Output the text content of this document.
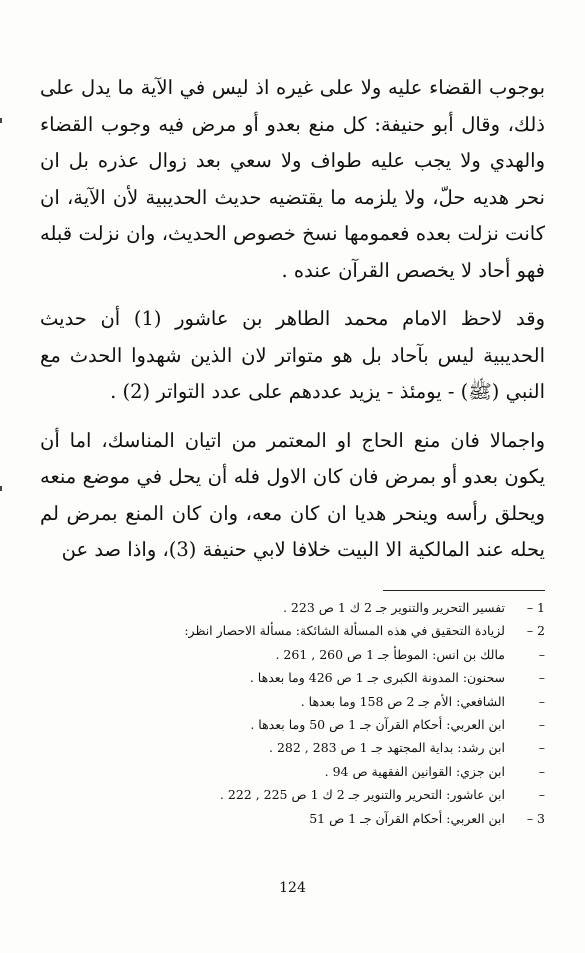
بوجوب القضاء عليه ولا على غيره اذ ليس في الآية ما يدل على ذلك، وقال أبو حنيفة: كل منع بعدو أو مرض فيه وجوب القضاء والهدي ولا يجب عليه طواف ولا سعي بعد زوال عذره بل ان نحر هديه حلّ، ولا يلزمه ما يقتضيه حديث الحديبية لأن الآية، ان كانت نزلت بعده فعمومها نسخ خصوص الحديث، وان نزلت قبله فهو أحاد لا يخصص القرآن عنده .

وقد لاحظ الامام محمد الطاهر بن عاشور (1) أن حديث الحديبية ليس بآحاد بل هو متواتر لان الذين شهدوا الحدث مع النبي (ﷺ) - يومئذ - يزيد عددهم على عدد التواتر (2) .

واجمالا فان منع الحاج او المعتمر من اتيان المناسك، اما أن يكون بعدو أو بمرض فان كان الاول فله أن يحل في موضع منعه ويحلق رأسه وينحر هديا ان كان معه، وان كان المنع بمرض لم يحله عند المالكية الا البيت خلافا لابي حنيفة (3)، واذا صد عن

1 –
تفسير التحرير والتنوير جـ 2 ك 1 ص 223 .
2 –
لزيادة التحقيق في هذه المسألة الشائكة: مسألة الاحصار انظر:
–
مالك بن انس: الموطأ جـ 1 ص 260 , 261 .
–
سحنون: المدونة الكبرى جـ 1 ص 426 وما بعدها .
–
الشافعي: الأم جـ 2 ص 158 وما بعدها .
–
ابن العربي: أحكام القرآن جـ 1 ص 50 وما بعدها .
–
ابن رشد: بداية المجتهد جـ 1 ص 283 , 282 .
–
ابن جزي: القوانين الفقهية ص 94 .
–
ابن عاشور: التحرير والتنوير جـ 2 ك 1 ص 225 , 222 .
3 –
ابن العربي: أحكام القرآن جـ 1 ص 51
124
